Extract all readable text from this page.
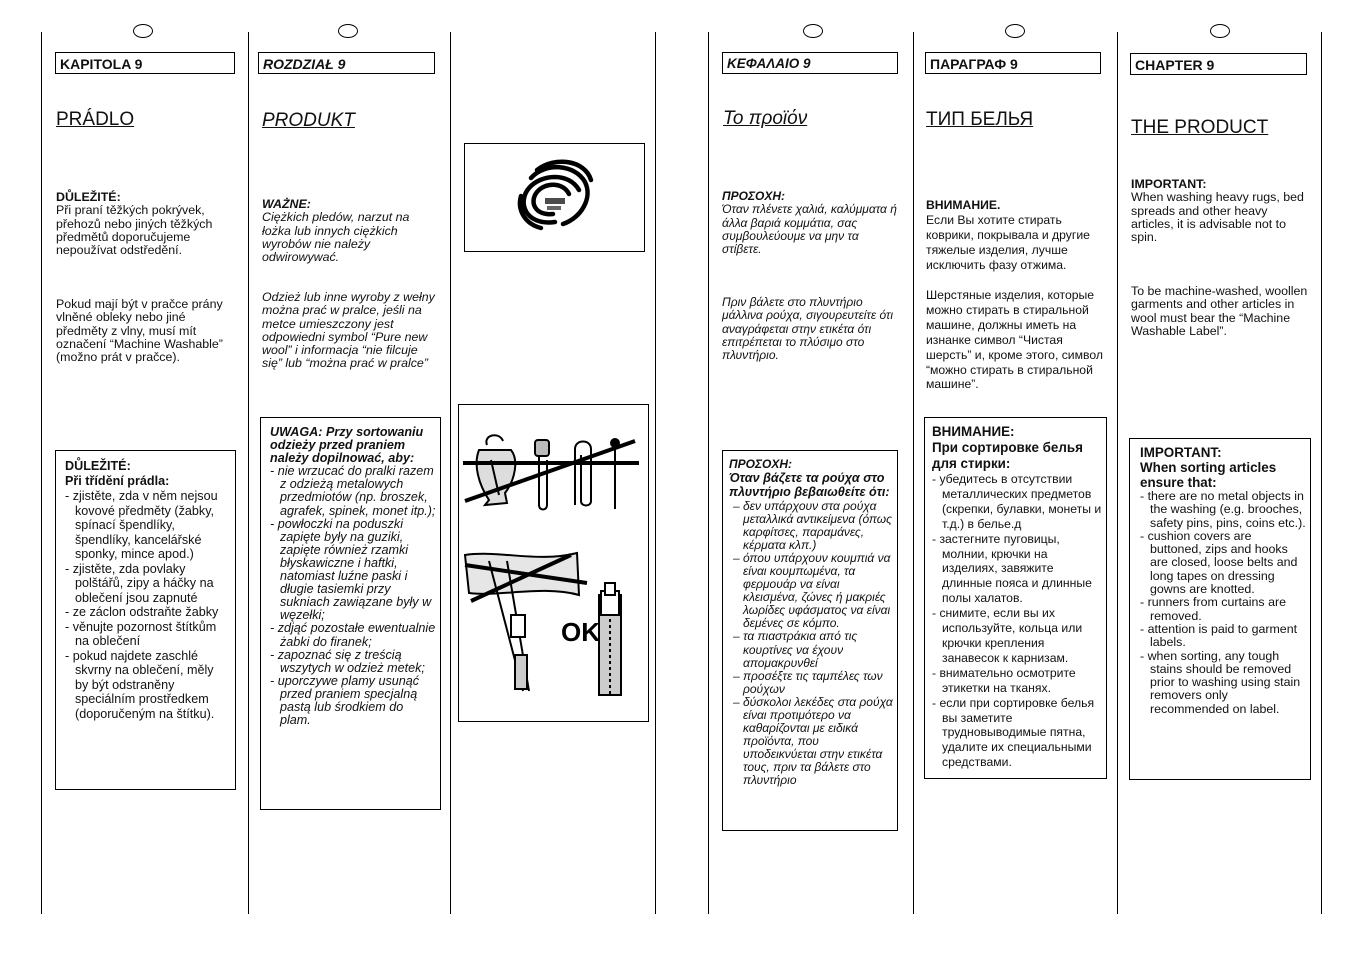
KAPITOLA 9
PRÁDLO
DŮLEŽITÉ:
Při praní těžkých pokrývek, přehozů nebo jiných těžkých předmětů doporučujeme nepoužívat odstředění.
Pokud mají být v pračce prány vlněné obleky nebo jiné předměty z vlny, musí mít označení “Machine Washable” (možno prát v pračce).
DŮLEŽITÉ:
Při třídění prádla:
- zjistěte, zda v něm nejsou kovové předměty (žabky, spínací špendlíky, špendlíky, kancelářské sponky, mince apod.)
- zjistěte, zda povlaky polštářů, zipy a háčky na oblečení jsou zapnuté
- ze záclon odstraňte žabky
- věnujte pozornost štítkům na oblečení
- pokud najdete zaschlé skvrny na oblečení, měly by být odstraněny speciálním prostředkem (doporučeným na štítku).
ROZDZIAŁ 9
PRODUKT
WAŻNE:
Ciężkich pledów, narzut na łożka lub innych ciężkich wyrobów nie należy odwirowywać.
Odzież lub inne wyroby z wełny można prać w pralce, jeśli na metce umieszczony jest odpowiedni symbol “Pure new wool” i informacja “nie filcuje się” lub “można prać w pralce”
UWAGA: Przy sortowaniu odzieży przed praniem należy dopilnować, aby:
- nie wrzucać do pralki razem z odzieżą metalowych przedmiotów (np. broszek, agrafek, spinek, monet itp.);
- powłoczki na poduszki zapięte były na guziki, zapięte również rzamki błyskawiczne i haftki, natomiast luźne paski i długie tasiemki przy sukniach zawiązane były w węzełki;
- zdjąć pozostałe ewentualnie żabki do firanek;
- zapoznać się z treścią wszytych w odzież metek;
- uporczywe plamy usunąć przed praniem specjalną pastą lub środkiem do plam.
OK
ΚΕΦΑΛΑΙΟ 9
Το προϊόν
ΠΡΟΣΟΧΗ:
Όταν πλένετε χαλιά, καλύμματα ή άλλα βαριά κομμάτια, σας συμβουλεύουμε να μην τα στίβετε.
Πριν βάλετε στο πλυντήριο μάλλινα ρούχα, σιγουρευτείτε ότι αναγράφεται στην ετικέτα ότι επιτρέπεται το πλύσιμο στο πλυντήριο.
ΠΡΟΣΟΧΗ:
Όταν βάζετε τα ρούχα στο πλυντήριο βεβαιωθείτε ότι:
– δεν υπάρχουν στα ρούχα μεταλλικά αντικείμενα (όπως καρφίτσες, παραμάνες, κέρματα κλπ.)
– όπου υπάρχουν κουμπιά να είναι κουμπωμένα, τα φερμουάρ να είναι κλεισμένα, ζώνες ή μακριές λωρίδες υφάσματος να είναι δεμένες σε κόμπο.
– τα πιαστράκια από τις κουρτίνες να έχουν απομακρυνθεί
– προσέξτε τις ταμπέλες των ρούχων
– δύσκολοι λεκέδες στα ρούχα είναι προτιμότερο να καθαρίζονται με ειδικά προϊόντα, που υποδεικνύεται στην ετικέτα τους, πριν τα βάλετε στο πλυντήριο
ПАРАГРАФ 9
ТИП БЕЛЬЯ
ВНИМАНИЕ.
Если Вы хотите стирать коврики, покрывала и другие тяжелые изделия, лучше исключить фазу отжима.
Шерстяные изделия, которые можно стирать в стиральной машине, должны иметь на изнанке символ “Чистая шерсть” и, кроме этого, символ “можно стирать в стиральной машине”.
ВНИМАНИЕ:
При сортировке белья для стирки:
- убедитесь в отсутствии металлических предметов (скрепки, булавки, монеты и т.д.) в белье.д
- застегните пуговицы, молнии, крючки на изделиях, завяжите длинные пояса и длинные полы халатов.
- снимите, если вы их используйте, кольца или крючки крепления занавесок к карнизам.
- внимательно осмотрите этикетки на тканях.
- если при сортировке белья вы заметите трудновыводимые пятна, удалите их специальными средствами.
CHAPTER 9
THE PRODUCT
IMPORTANT:
When washing heavy rugs, bed spreads and other heavy articles, it is advisable not to spin.
To be machine-washed, woollen garments and other articles in wool must bear the “Machine Washable Label”.
IMPORTANT:
When sorting articles ensure that:
- there are no metal objects in the washing (e.g. brooches, safety pins, pins, coins etc.).
- cushion covers are buttoned, zips and hooks are closed, loose belts and long tapes on dressing gowns are knotted.
- runners from curtains are removed.
- attention is paid to garment labels.
- when sorting, any tough stains should be removed prior to washing using stain removers only recommended on label.
